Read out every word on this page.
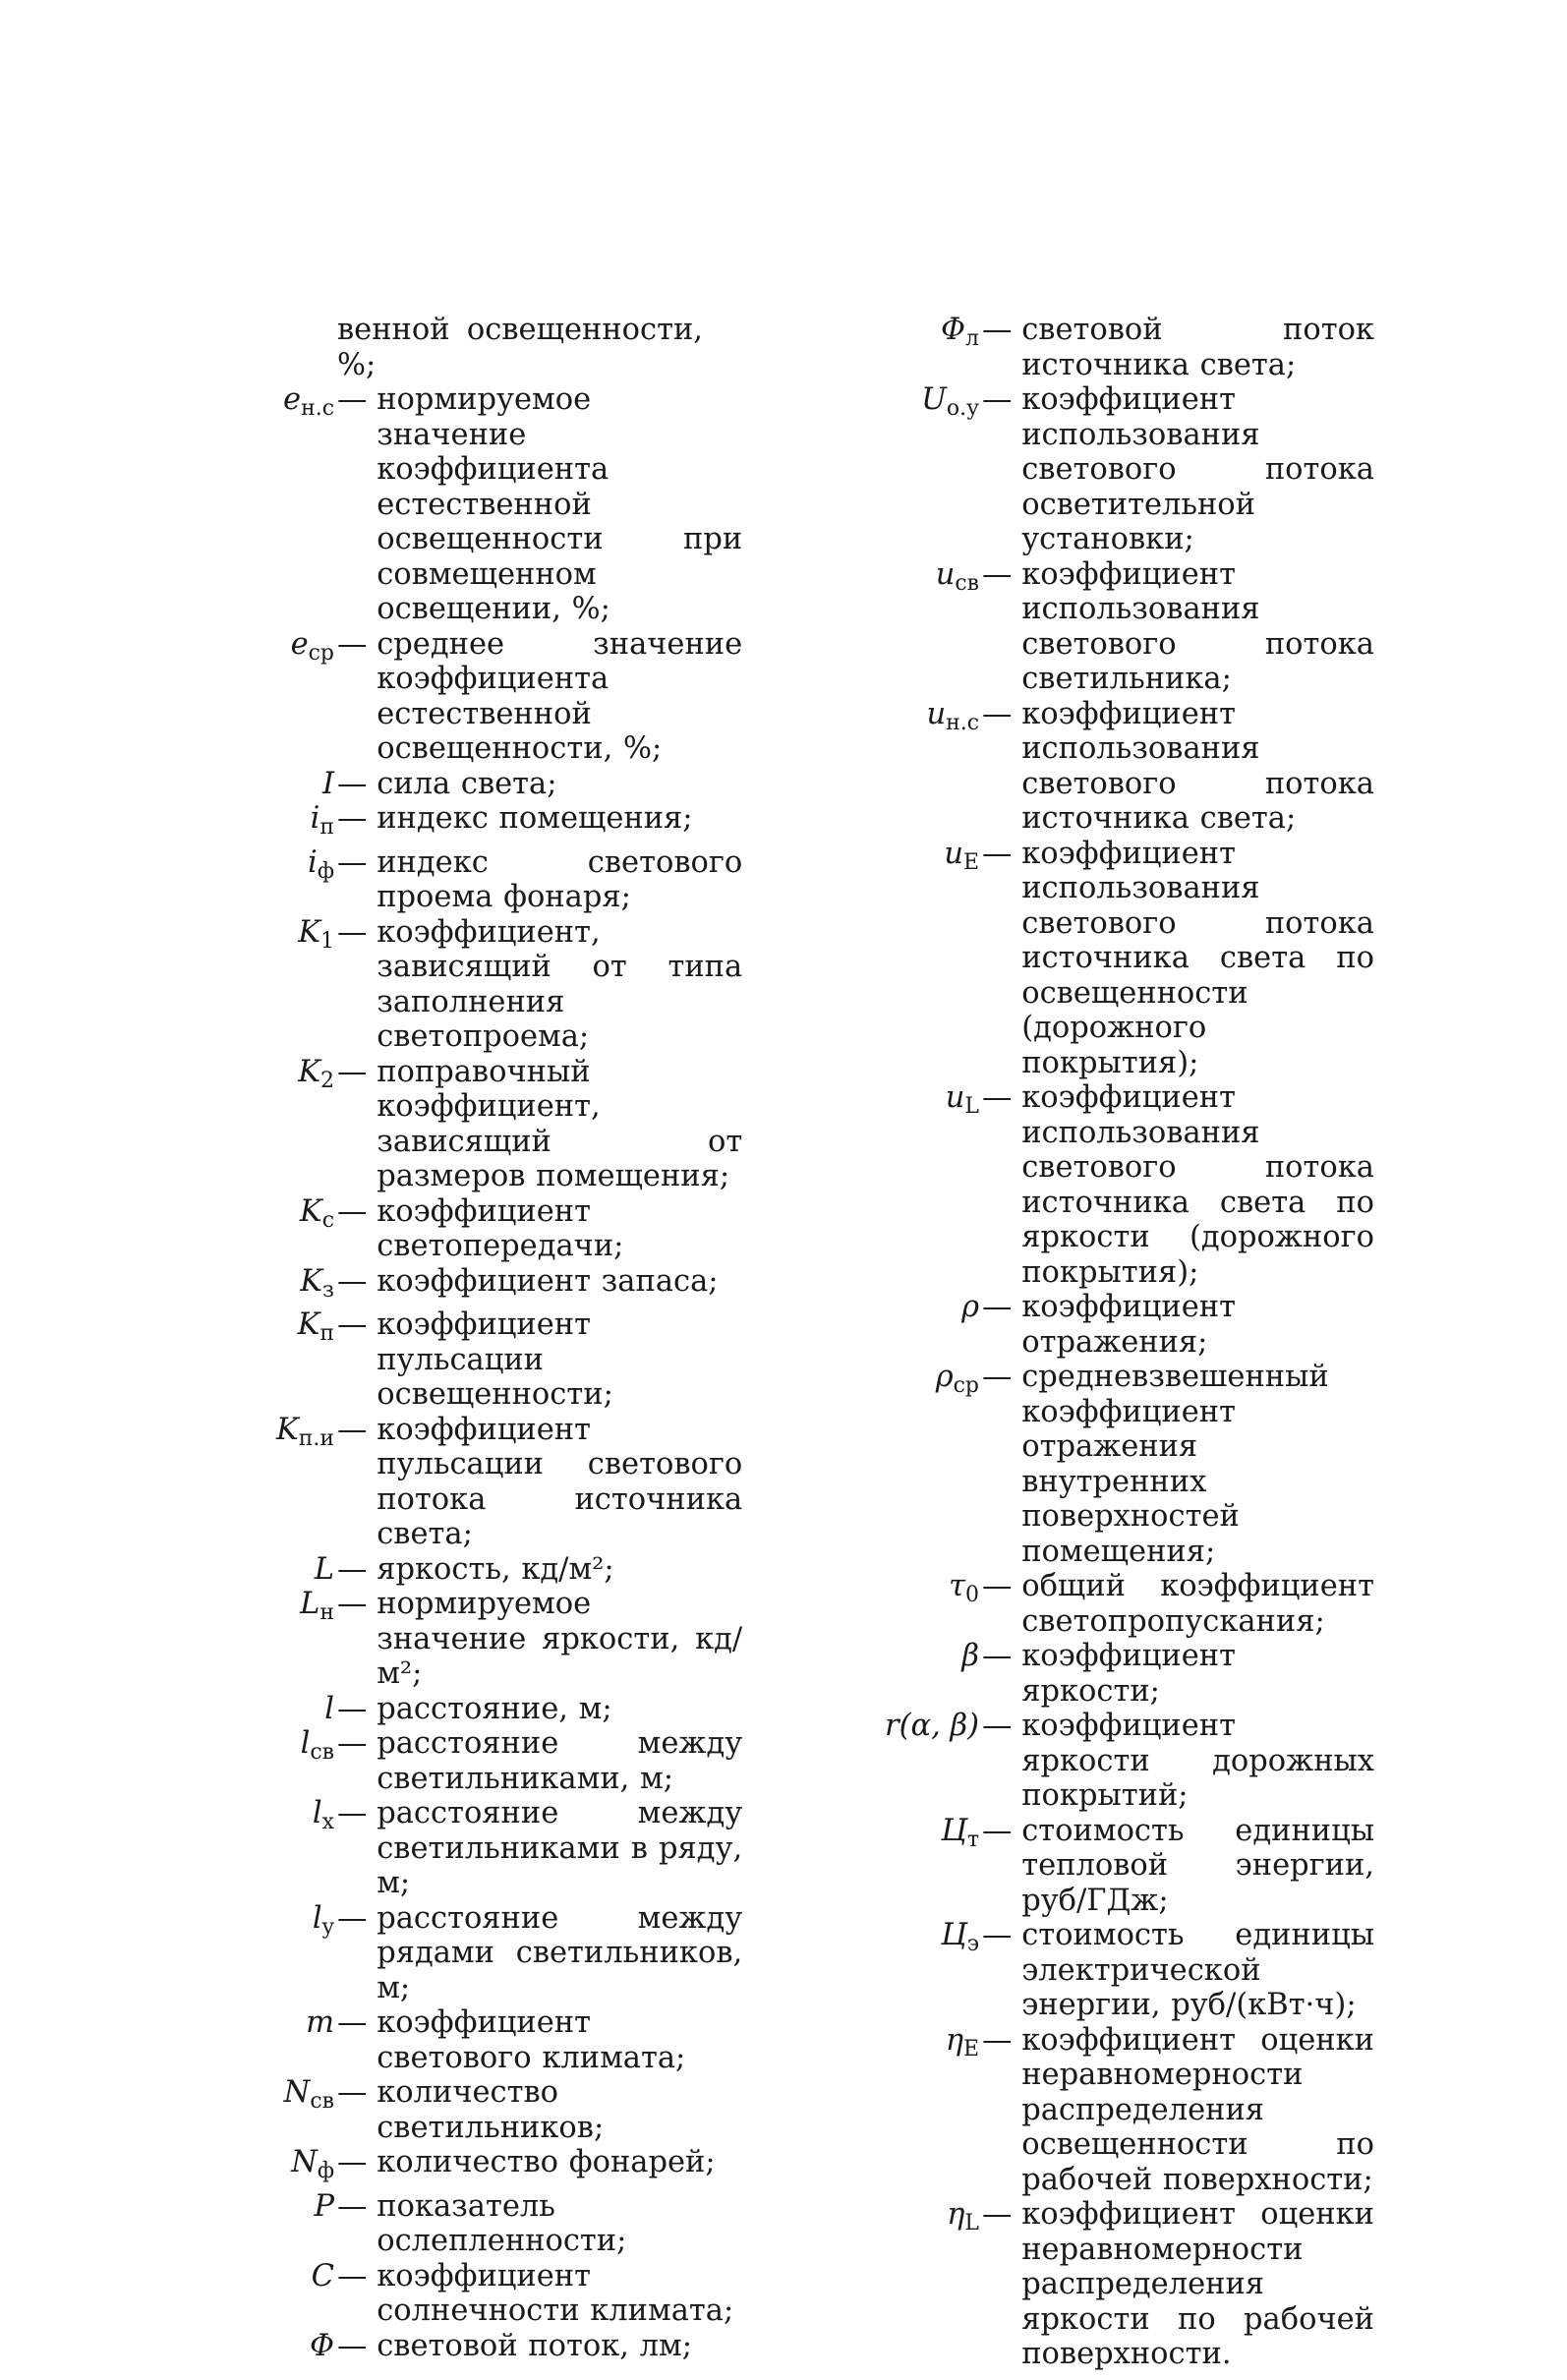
венной освещенности, %;
$e_{н.с}$ — нормируемое значение коэффициента естественной освещенности при совмещенном освещении, %;
$e_{ср}$ — среднее значение коэффициента естественной освещенности, %;
I — сила света;
$i_п$ — индекс помещения;
$i_ф$ — индекс светового проема фонаря;
$K_1$ — коэффициент, зависящий от типа заполнения светопроема;
$K_2$ — поправочный коэффициент, зависящий от размеров помещения;
$K_с$ — коэффициент светопередачи;
$K_з$ — коэффициент запаса;
$K_п$ — коэффициент пульсации освещенности;
$K_{п.и}$ — коэффициент пульсации светового потока источника света;
L — яркость, кд/м²;
$L_н$ — нормируемое значение яркости, кд/м²;
l — расстояние, м;
$l_{св}$ — расстояние между светильниками, м;
$l_x$ — расстояние между светильниками в ряду, м;
$l_y$ — расстояние между рядами светильников, м;
m — коэффициент светового климата;
$N_{св}$ — количество светильников;
$N_ф$ — количество фонарей;
P — показатель ослепленности;
C — коэффициент солнечности климата;
Φ — световой поток, лм;
$\Phi_л$ — световой поток источника света;
$U_{о.у}$ — коэффициент использования светового потока осветительной установки;
$u_{св}$ — коэффициент использования светового потока светильника;
$u_{н.с}$ — коэффициент использования светового потока источника света;
$u_E$ — коэффициент использования светового потока источника света по освещенности (дорожного покрытия);
$u_L$ — коэффициент использования светового потока источника света по яркости (дорожного покрытия);
ρ — коэффициент отражения;
$\rho_{ср}$ — средневзвешенный коэффициент отражения внутренних поверхностей помещения;
$\tau_0$ — общий коэффициент светопропускания;
β — коэффициент яркости;
r(α, β) — коэффициент яркости дорожных покрытий;
$Ц_т$ — стоимость единицы тепловой энергии, руб/ГДж;
$Ц_э$ — стоимость единицы электрической энергии, руб/(кВт·ч);
$\eta_E$ — коэффициент оценки неравномерности распределения освещенности по рабочей поверхности;
$\eta_L$ — коэффициент оценки неравномерности распределения яркости по рабочей поверхности.
